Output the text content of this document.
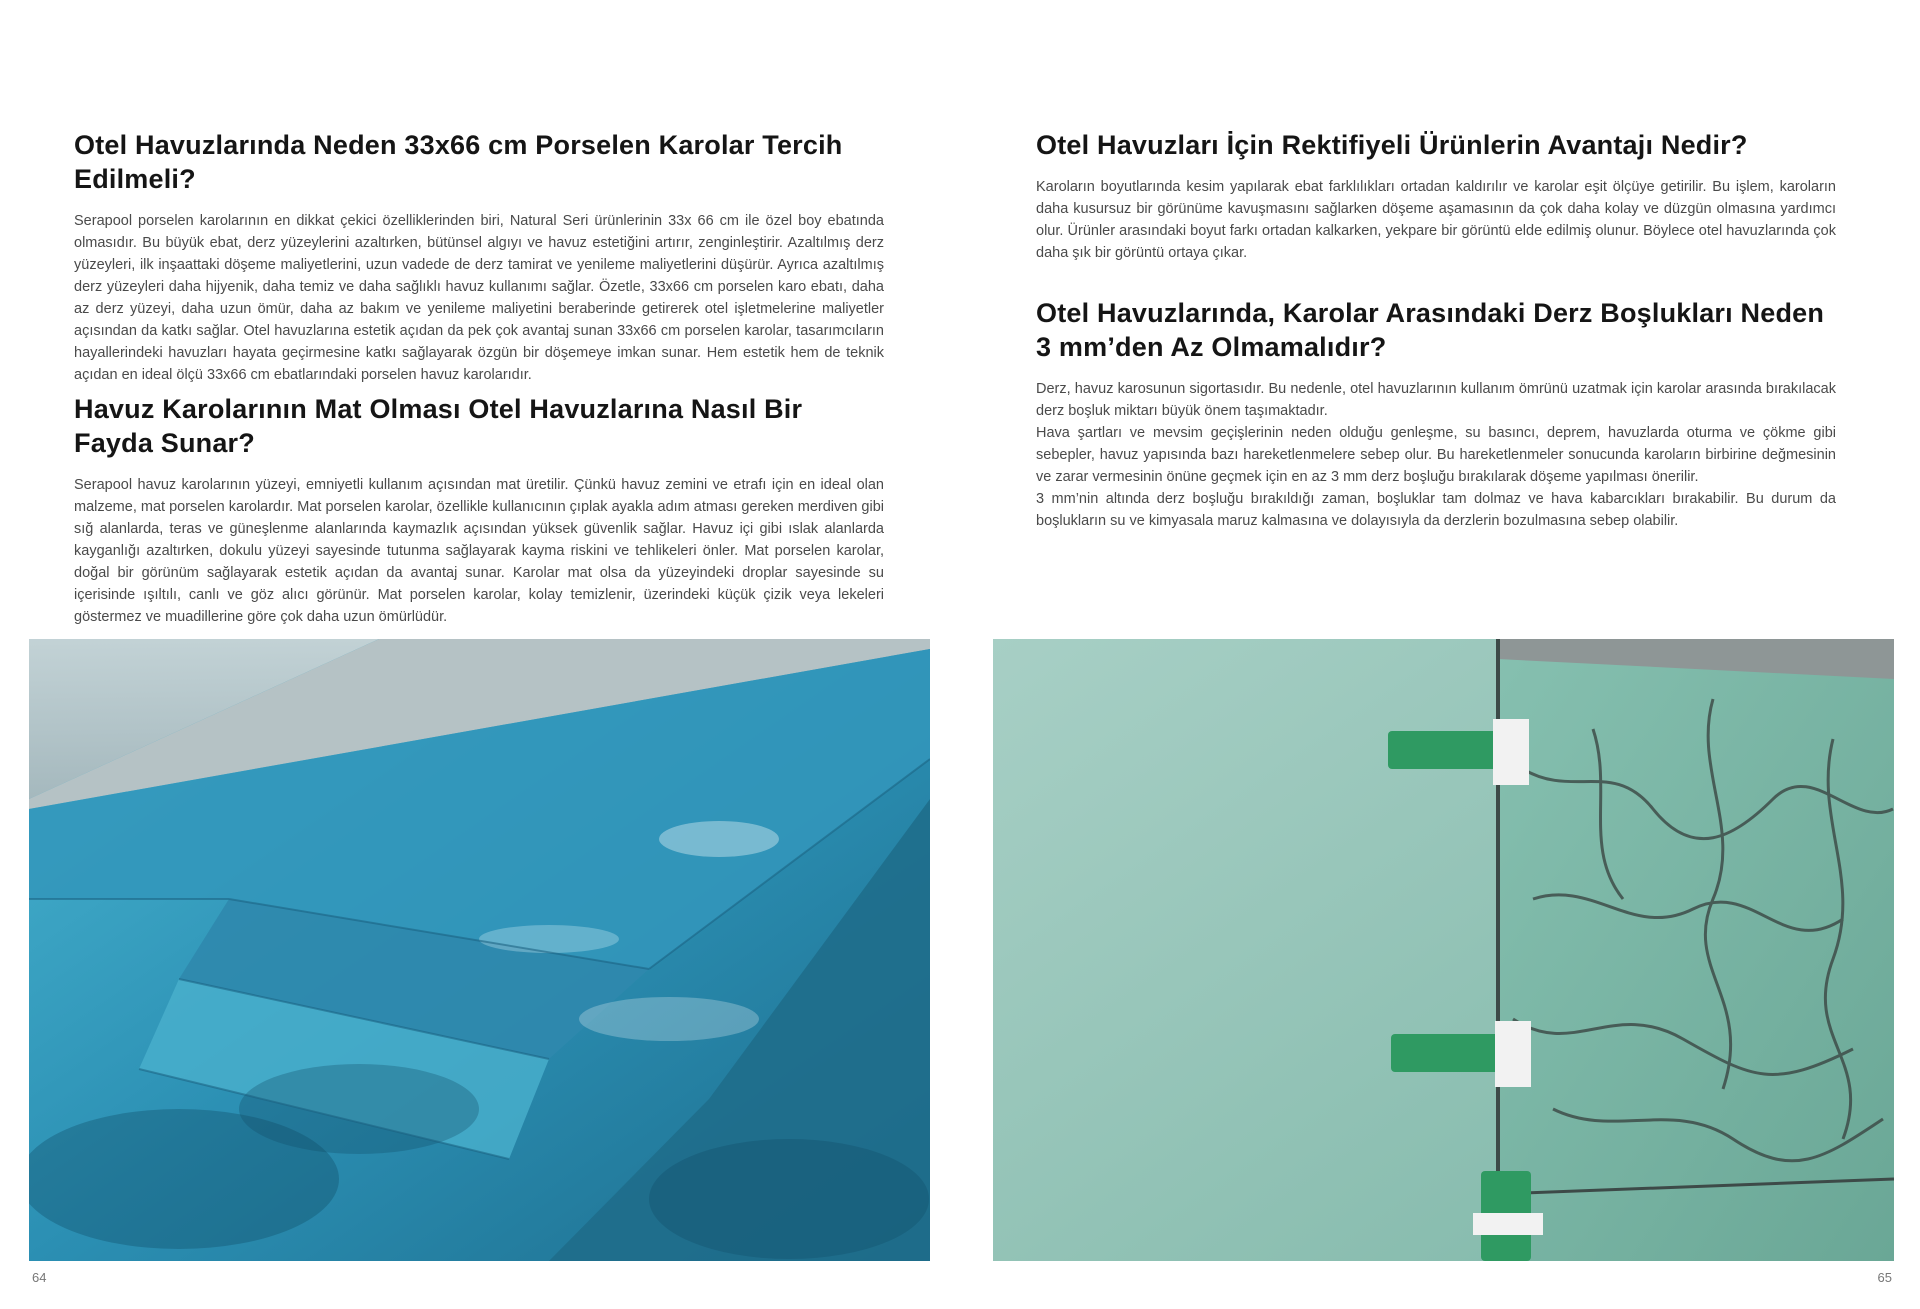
Otel Havuzlarında Neden 33x66 cm Porselen Karolar Tercih Edilmeli?

Serapool porselen karolarının en dikkat çekici özelliklerinden biri, Natural Seri ürünlerinin 33x 66 cm ile özel boy ebatında olmasıdır. Bu büyük ebat, derz yüzeylerini azaltırken, bütünsel algıyı ve havuz estetiğini artırır, zenginleştirir. Azaltılmış derz yüzeyleri, ilk inşaattaki döşeme maliyetlerini, uzun vadede de derz tamirat ve yenileme maliyetlerini düşürür. Ayrıca azaltılmış derz yüzeyleri daha hijyenik, daha temiz ve daha sağlıklı havuz kullanımı sağlar. Özetle, 33x66 cm porselen karo ebatı, daha az derz yüzeyi, daha uzun ömür, daha az bakım ve yenileme maliyetini beraberinde getirerek otel işletmelerine maliyetler açısından da katkı sağlar. Otel havuzlarına estetik açıdan da pek çok avantaj sunan 33x66 cm porselen karolar, tasarımcıların hayallerindeki havuzları hayata geçirmesine katkı sağlayarak özgün bir döşemeye imkan sunar. Hem estetik hem de teknik açıdan en ideal ölçü 33x66 cm ebatlarındaki porselen havuz karolarıdır.

Havuz Karolarının Mat Olması Otel Havuzlarına Nasıl Bir Fayda Sunar?

Serapool havuz karolarının yüzeyi, emniyetli kullanım açısından mat üretilir. Çünkü havuz zemini ve etrafı için en ideal olan malzeme, mat porselen karolardır. Mat porselen karolar, özellikle kullanıcının çıplak ayakla adım atması gereken merdiven gibi sığ alanlarda, teras ve güneşlenme alanlarında kaymazlık açısından yüksek güvenlik sağlar. Havuz içi gibi ıslak alanlarda kayganlığı azaltırken, dokulu yüzeyi sayesinde tutunma sağlayarak kayma riskini ve tehlikeleri önler. Mat porselen karolar, doğal bir görünüm sağlayarak estetik açıdan da avantaj sunar. Karolar mat olsa da yüzeyindeki droplar sayesinde su içerisinde ışıltılı, canlı ve göz alıcı görünür. Mat porselen karolar, kolay temizlenir, üzerindeki küçük çizik veya lekeleri göstermez ve muadillerine göre çok daha uzun ömürlüdür.

64
Otel Havuzları İçin Rektifiyeli Ürünlerin Avantajı Nedir?

Karoların boyutlarında kesim yapılarak ebat farklılıkları ortadan kaldırılır ve karolar eşit ölçüye getirilir. Bu işlem, karoların daha kusursuz bir görünüme kavuşmasını sağlarken döşeme aşamasının da çok daha kolay ve düzgün olmasına yardımcı olur. Ürünler arasındaki boyut farkı ortadan kalkarken, yekpare bir görüntü elde edilmiş olunur. Böylece otel havuzlarında çok daha şık bir görüntü ortaya çıkar.

Otel Havuzlarında, Karolar Arasındaki Derz Boşlukları Neden 3 mm’den Az Olmamalıdır?

Derz, havuz karosunun sigortasıdır. Bu nedenle, otel havuzlarının kullanım ömrünü uzatmak için karolar arasında bırakılacak derz boşluk miktarı büyük önem taşımaktadır.
Hava şartları ve mevsim geçişlerinin neden olduğu genleşme, su basıncı, deprem, havuzlarda oturma ve çökme gibi sebepler, havuz yapısında bazı hareketlenmelere sebep olur. Bu hareketlenmeler sonucunda karoların birbirine değmesinin ve zarar vermesinin önüne geçmek için en az 3 mm derz boşluğu bırakılarak döşeme yapılması önerilir.
3 mm’nin altında derz boşluğu bırakıldığı zaman, boşluklar tam dolmaz ve hava kabarcıkları bırakabilir. Bu durum da boşlukların su ve kimyasala maruz kalmasına ve dolayısıyla da derzlerin bozulmasına sebep olabilir.

65
